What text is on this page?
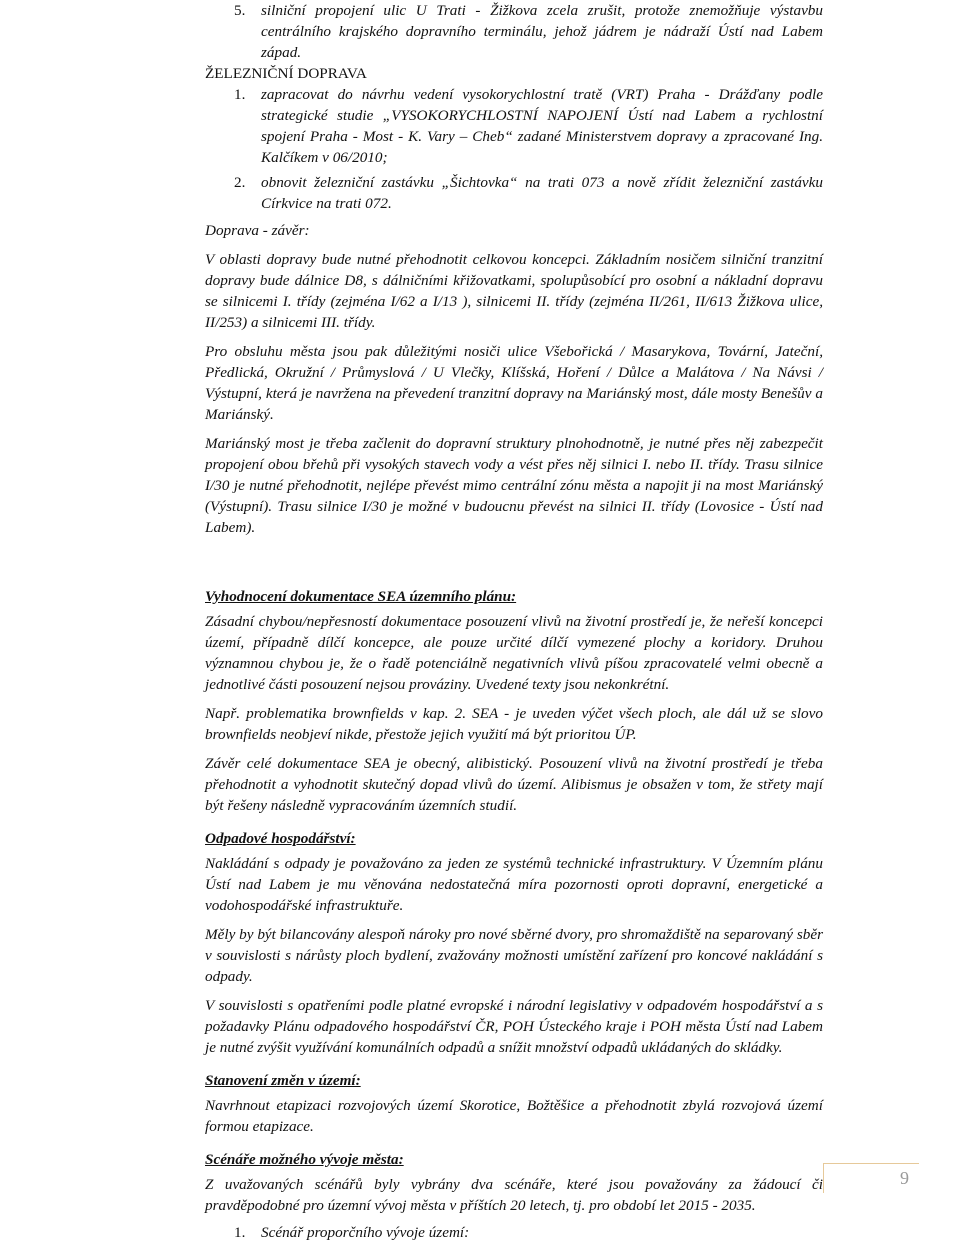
5. silniční propojení ulic U Trati - Žižkova zcela zrušit, protože znemožňuje výstavbu centrálního krajského dopravního terminálu, jehož jádrem je nádraží Ústí nad Labem západ.
ŽELEZNIČNÍ DOPRAVA
1. zapracovat do návrhu vedení vysokorychlostní tratě (VRT) Praha - Drážďany podle strategické studie „VYSOKORYCHLOSTNÍ NAPOJENÍ Ústí nad Labem a rychlostní spojení Praha - Most - K. Vary – Cheb“ zadané Ministerstvem dopravy a zpracované Ing. Kalčíkem v 06/2010;
2. obnovit železniční zastávku „Šichtovka“ na trati 073 a nově zřídit železniční zastávku Církvice na trati 072.
Doprava - závěr:
V oblasti dopravy bude nutné přehodnotit celkovou koncepci. Základním nosičem silniční tranzitní dopravy bude dálnice D8, s dálničními křižovatkami, spolupůsobící pro osobní a nákladní dopravu se silnicemi I. třídy (zejména I/62 a I/13 ), silnicemi II. třídy (zejména II/261, II/613 Žižkova ulice, II/253) a silnicemi III. třídy.
Pro obsluhu města jsou pak důležitými nosiči ulice Všebořická / Masarykova, Tovární, Jateční, Předlická, Okružní / Průmyslová / U Vlečky, Klíšská, Hoření / Důlce a Malátova / Na Návsi / Výstupní, která je navržena na převedení tranzitní dopravy na Mariánský most, dále mosty Benešův a Mariánský.
Mariánský most je třeba začlenit do dopravní struktury plnohodnotně, je nutné přes něj zabezpečit propojení obou břehů při vysokých stavech vody a vést přes něj silnici I. nebo II. třídy. Trasu silnice I/30 je nutné přehodnotit, nejlépe převést mimo centrální zónu města a napojit ji na most Mariánský (Výstupní). Trasu silnice I/30 je možné v budoucnu převést na silnici II. třídy (Lovosice - Ústí nad Labem).
Vyhodnocení dokumentace SEA územního plánu:
Zásadní chybou/nepřesností dokumentace posouzení vlivů na životní prostředí je, že neřeší koncepci území, případně dílčí koncepce, ale pouze určité dílčí vymezené plochy a koridory. Druhou významnou chybou je, že o řadě potenciálně negativních vlivů píšou zpracovatelé velmi obecně a jednotlivé části posouzení nejsou prováziny. Uvedené texty jsou nekonkrétní.
Např. problematika brownfields v kap. 2. SEA - je uveden výčet všech ploch, ale dál už se slovo brownfields neobjeví nikde, přestože jejich využití má být prioritou ÚP.
Závěr celé dokumentace SEA je obecný, alibistický. Posouzení vlivů na životní prostředí je třeba přehodnotit a vyhodnotit skutečný dopad vlivů do území. Alibismus je obsažen v tom, že střety mají být řešeny následně vypracováním územních studií.
Odpadové hospodářství:
Nakládání s odpady je považováno za jeden ze systémů technické infrastruktury. V Územním plánu Ústí nad Labem je mu věnována nedostatečná míra pozornosti oproti dopravní, energetické a vodohospodářské infrastruktuře.
Měly by být bilancovány alespoň nároky pro nové sběrné dvory, pro shromaždiště na separovaný sběr v souvislosti s nárůsty ploch bydlení, zvažovány možnosti umístění zařízení pro koncové nakládání s odpady.
V souvislosti s opatřeními podle platné evropské i národní legislativy v odpadovém hospodářství a s požadavky Plánu odpadového hospodářství ČR, POH Ústeckého kraje i POH města Ústí nad Labem je nutné zvýšit využívání komunálních odpadů a snížit množství odpadů ukládaných do skládky.
Stanovení změn v území:
Navrhnout etapizaci rozvojových území Skorotice, Božtěšice a přehodnotit zbylá rozvojová území formou etapizace.
Scénáře možného vývoje města:
Z uvažovaných scénářů byly vybrány dva scénáře, které jsou považovány za žádoucí či pravděpodobné pro územní vývoj města v příštích 20 letech, tj. pro období let 2015 - 2035.
1. Scénář proporčního vývoje území:
9
